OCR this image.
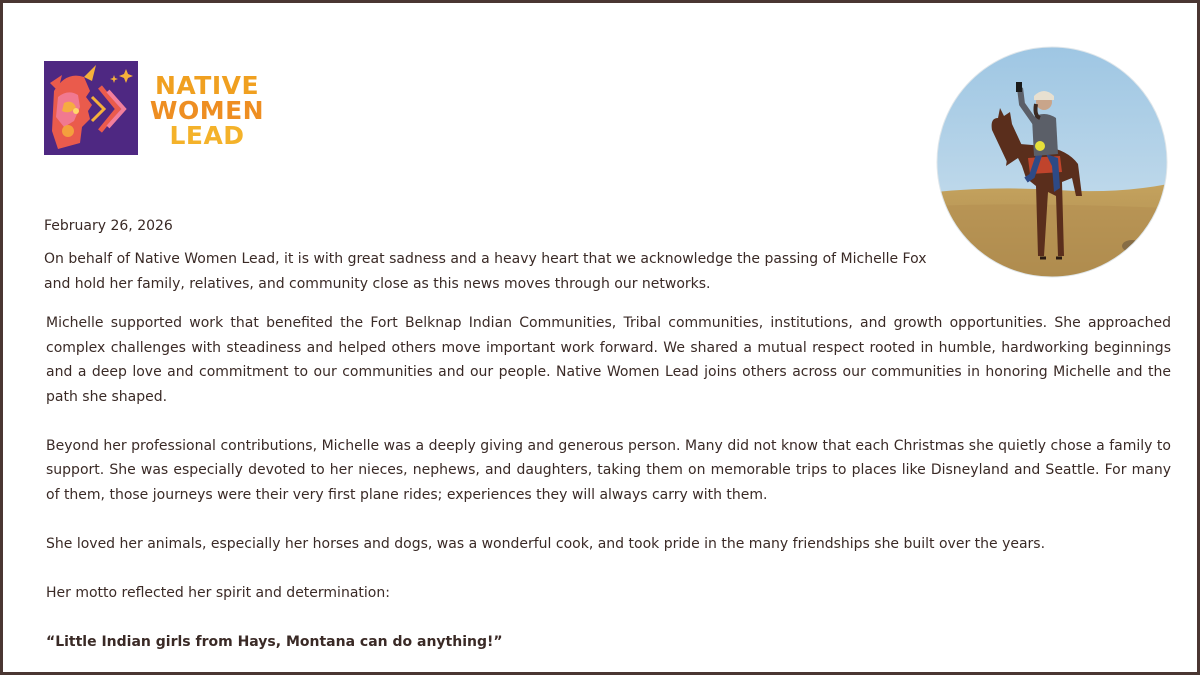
NATIVE
WOMEN
LEAD

February 26, 2026

On behalf of Native Women Lead, it is with great sadness and a heavy heart that we acknowledge the passing of Michelle Fox and hold her family, relatives, and community close as this news moves through our networks.

Michelle supported work that benefited the Fort Belknap Indian Communities, Tribal communities, institutions, and growth opportunities. She approached complex challenges with steadiness and helped others move important work forward. We shared a mutual respect rooted in humble, hardworking beginnings and a deep love and commitment to our communities and our people. Native Women Lead joins others across our communities in honoring Michelle and the path she shaped.

Beyond her professional contributions, Michelle was a deeply giving and generous person. Many did not know that each Christmas she quietly chose a family to support. She was especially devoted to her nieces, nephews, and daughters, taking them on memorable trips to places like Disneyland and Seattle. For many of them, those journeys were their very first plane rides; experiences they will always carry with them.

She loved her animals, especially her horses and dogs, was a wonderful cook, and took pride in the many friendships she built over the years.

Her motto reflected her spirit and determination:

“Little Indian girls from Hays, Montana can do anything!”
